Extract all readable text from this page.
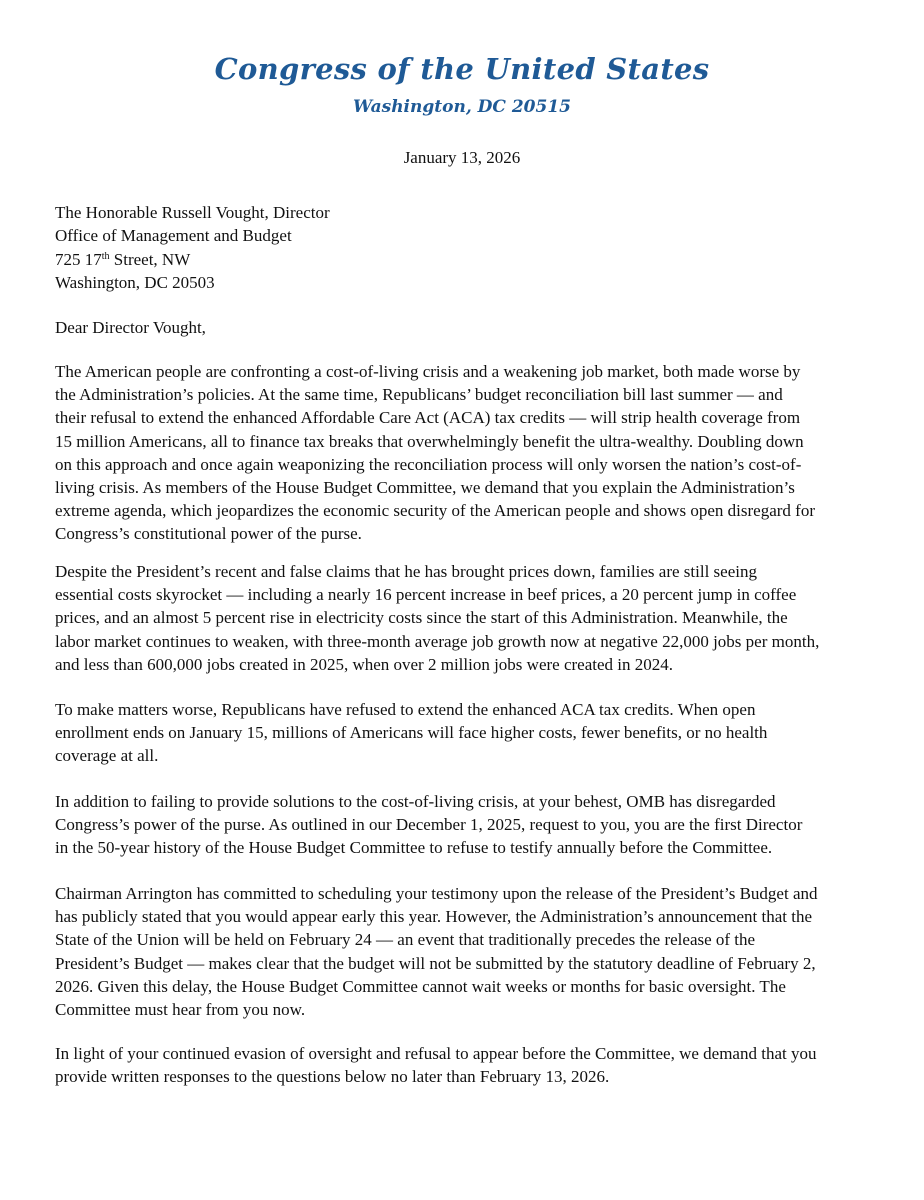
Congress of the United States
Washington, DC 20515
January 13, 2026
The Honorable Russell Vought, Director
Office of Management and Budget
725 17th Street, NW
Washington, DC 20503
Dear Director Vought,
The American people are confronting a cost-of-living crisis and a weakening job market, both made worse by
the Administration’s policies. At the same time, Republicans’ budget reconciliation bill last summer — and
their refusal to extend the enhanced Affordable Care Act (ACA) tax credits — will strip health coverage from
15 million Americans, all to finance tax breaks that overwhelmingly benefit the ultra-wealthy. Doubling down
on this approach and once again weaponizing the reconciliation process will only worsen the nation’s cost-of-
living crisis. As members of the House Budget Committee, we demand that you explain the Administration’s
extreme agenda, which jeopardizes the economic security of the American people and shows open disregard for
Congress’s constitutional power of the purse.
Despite the President’s recent and false claims that he has brought prices down, families are still seeing
essential costs skyrocket — including a nearly 16 percent increase in beef prices, a 20 percent jump in coffee
prices, and an almost 5 percent rise in electricity costs since the start of this Administration. Meanwhile, the
labor market continues to weaken, with three-month average job growth now at negative 22,000 jobs per month,
and less than 600,000 jobs created in 2025, when over 2 million jobs were created in 2024.
To make matters worse, Republicans have refused to extend the enhanced ACA tax credits. When open
enrollment ends on January 15, millions of Americans will face higher costs, fewer benefits, or no health
coverage at all.
In addition to failing to provide solutions to the cost-of-living crisis, at your behest, OMB has disregarded
Congress’s power of the purse. As outlined in our December 1, 2025, request to you, you are the first Director
in the 50-year history of the House Budget Committee to refuse to testify annually before the Committee.
Chairman Arrington has committed to scheduling your testimony upon the release of the President’s Budget and
has publicly stated that you would appear early this year. However, the Administration’s announcement that the
State of the Union will be held on February 24 — an event that traditionally precedes the release of the
President’s Budget — makes clear that the budget will not be submitted by the statutory deadline of February 2,
2026. Given this delay, the House Budget Committee cannot wait weeks or months for basic oversight. The
Committee must hear from you now.
In light of your continued evasion of oversight and refusal to appear before the Committee, we demand that you
provide written responses to the questions below no later than February 13, 2026.
